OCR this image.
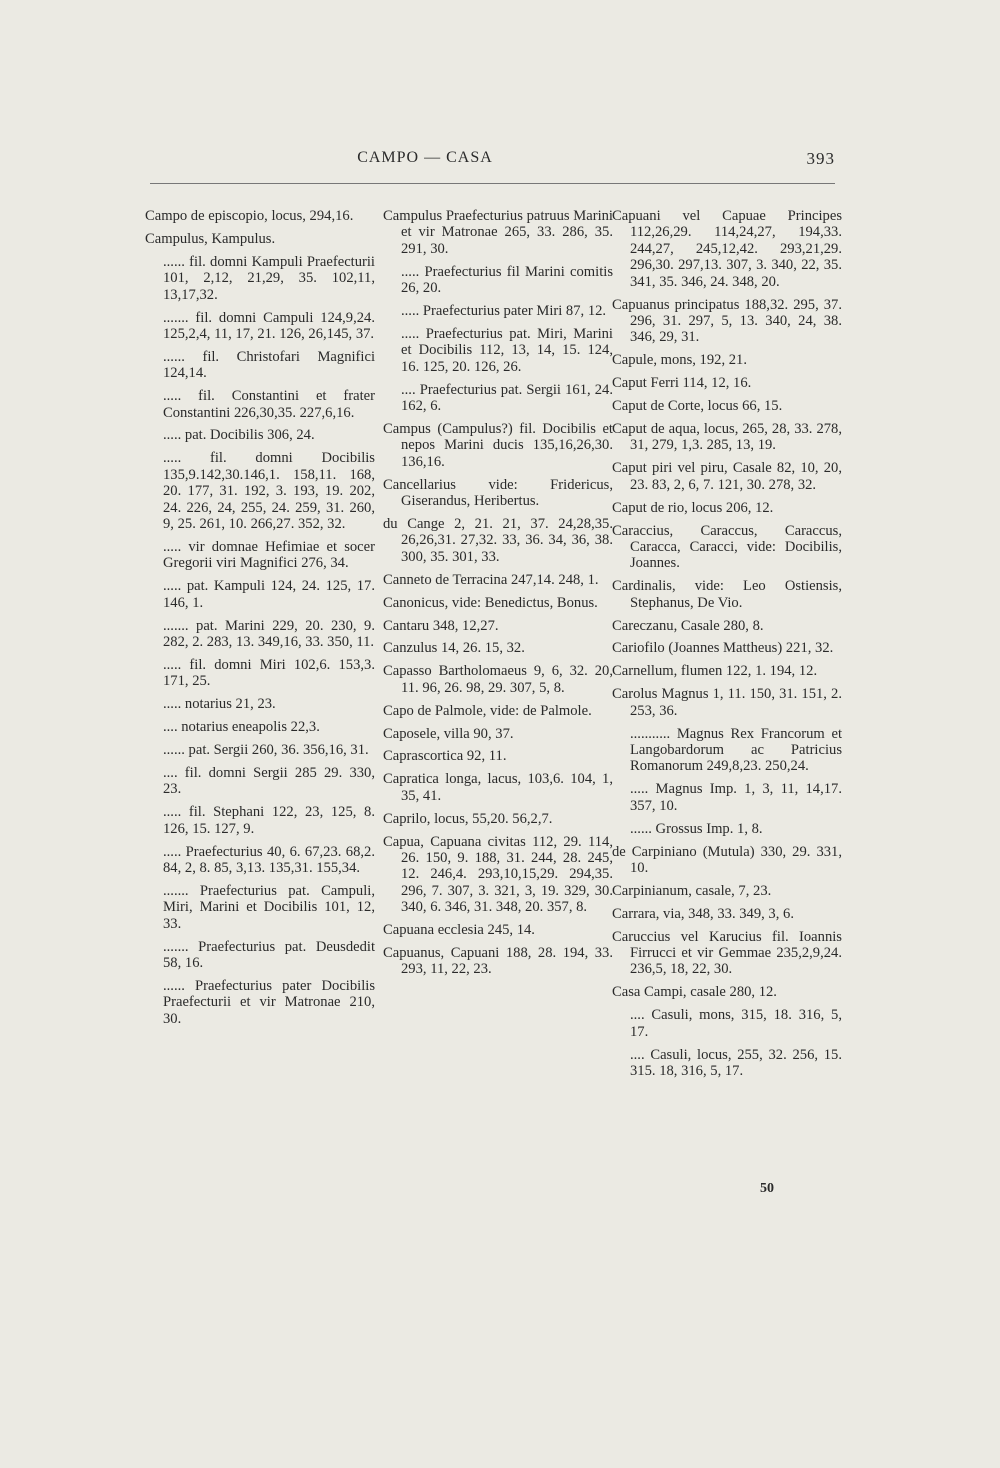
CAMPO — CASA	393

Campo de episcopio, locus, 294,16.

Campulus, Kampulus.

...... fil. domni Kampuli Praefecturii 101, 2,12, 21,29, 35. 102,11, 13,17,32.

....... fil. domni Campuli 124,9,24. 125,2,4, 11, 17, 21. 126, 26,145, 37.

...... fil. Christofari Magnifici 124,14.

..... fil. Constantini et frater Constantini 226,30,35. 227,6,16.

..... pat. Docibilis 306, 24.

..... fil. domni Docibilis 135,9.142,30.146,1. 158,11. 168, 20. 177, 31. 192, 3. 193, 19. 202, 24. 226, 24, 255, 24. 259, 31. 260, 9, 25. 261, 10. 266,27. 352, 32.

..... vir domnae Hefimiae et socer Gregorii viri Magnifici 276, 34.

..... pat. Kampuli 124, 24. 125, 17. 146, 1.

....... pat. Marini 229, 20. 230, 9. 282, 2. 283, 13. 349,16, 33. 350, 11.

..... fil. domni Miri 102,6. 153,3. 171, 25.

..... notarius 21, 23.

.... notarius eneapolis 22,3.

...... pat. Sergii 260, 36. 356,16, 31.

.... fil. domni Sergii 285 29. 330, 23.

..... fil. Stephani 122, 23, 125, 8. 126, 15. 127, 9.

..... Praefecturius 40, 6. 67,23. 68,2. 84, 2, 8. 85, 3,13. 135,31. 155,34.

....... Praefecturius pat. Campuli, Miri, Marini et Docibilis 101, 12, 33.

....... Praefecturius pat. Deusdedit 58, 16.

...... Praefecturius pater Docibilis Praefecturii et vir Matronae 210, 30.

Campulus Praefecturius patruus Marini et vir Matronae 265, 33. 286, 35. 291, 30.

..... Praefecturius fil Marini comitis 26, 20.

..... Praefecturius pater Miri 87, 12.

..... Praefecturius pat. Miri, Marini et Docibilis 112, 13, 14, 15. 124, 16. 125, 20. 126, 26.

.... Praefecturius pat. Sergii 161, 24. 162, 6.

Campus (Campulus?) fil. Docibilis et nepos Marini ducis 135,16,26,30. 136,16.

Cancellarius vide: Fridericus, Giserandus, Heribertus.

du Cange 2, 21. 21, 37. 24,28,35. 26,26,31. 27,32. 33, 36. 34, 36, 38. 300, 35. 301, 33.

Canneto de Terracina 247,14. 248, 1.

Canonicus, vide: Benedictus, Bonus.

Cantaru 348, 12,27.

Canzulus 14, 26. 15, 32.

Capasso Bartholomaeus 9, 6, 32. 20, 11. 96, 26. 98, 29. 307, 5, 8.

Capo de Palmole, vide: de Palmole.

Caposele, villa 90, 37.

Caprascortica 92, 11.

Capratica longa, lacus, 103,6. 104, 1, 35, 41.

Caprilo, locus, 55,20. 56,2,7.

Capua, Capuana civitas 112, 29. 114, 26. 150, 9. 188, 31. 244, 28. 245, 12. 246,4. 293,10,15,29. 294,35. 296, 7. 307, 3. 321, 3, 19. 329, 30. 340, 6. 346, 31. 348, 20. 357, 8.

Capuana ecclesia 245, 14.

Capuanus, Capuani 188, 28. 194, 33. 293, 11, 22, 23.

Capuani vel Capuae Principes 112,26,29. 114,24,27, 194,33. 244,27, 245,12,42. 293,21,29. 296,30. 297,13. 307, 3. 340, 22, 35. 341, 35. 346, 24. 348, 20.

Capuanus principatus 188,32. 295, 37. 296, 31. 297, 5, 13. 340, 24, 38. 346, 29, 31.

Capule, mons, 192, 21.

Caput Ferri 114, 12, 16.

Caput de Corte, locus 66, 15.

Caput de aqua, locus, 265, 28, 33. 278, 31, 279, 1,3. 285, 13, 19.

Caput piri vel piru, Casale 82, 10, 20, 23. 83, 2, 6, 7. 121, 30. 278, 32.

Caput de rio, locus 206, 12.

Caraccius, Caraccus, Caraccus, Caracca, Caracci, vide: Docibilis, Joannes.

Cardinalis, vide: Leo Ostiensis, Stephanus, De Vio.

Careczanu, Casale 280, 8.

Cariofilo (Joannes Mattheus) 221, 32.

Carnellum, flumen 122, 1. 194, 12.

Carolus Magnus 1, 11. 150, 31. 151, 2. 253, 36.

........... Magnus Rex Francorum et Langobardorum ac Patricius Romanorum 249,8,23. 250,24.

..... Magnus Imp. 1, 3, 11, 14,17. 357, 10.

...... Grossus Imp. 1, 8.

de Carpiniano (Mutula) 330, 29. 331, 10.

Carpinianum, casale, 7, 23.

Carrara, via, 348, 33. 349, 3, 6.

Caruccius vel Karucius fil. Ioannis Firrucci et vir Gemmae 235,2,9,24. 236,5, 18, 22, 30.

Casa Campi, casale 280, 12.

.... Casuli, mons, 315, 18. 316, 5, 17.

.... Casuli, locus, 255, 32. 256, 15. 315. 18, 316, 5, 17.

50
